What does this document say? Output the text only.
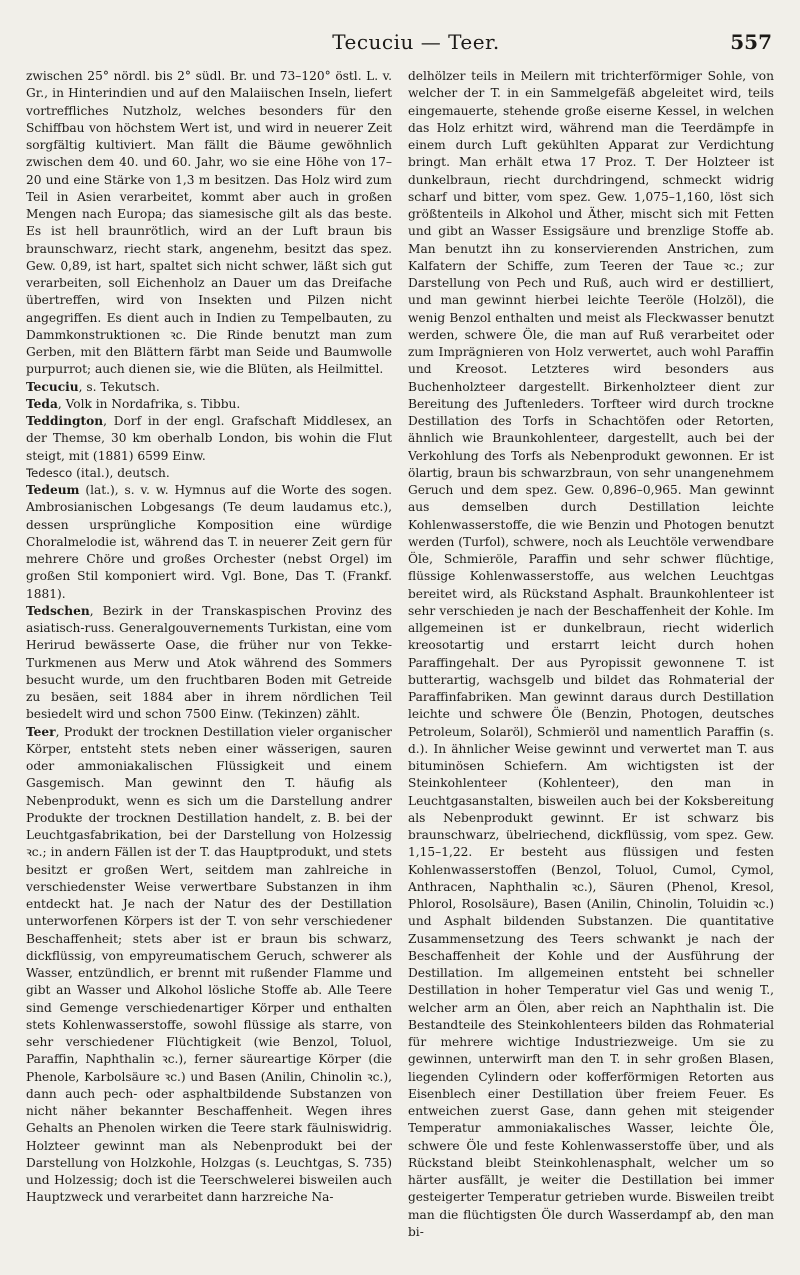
Tecuciu — Teer.	557

zwischen 25° nördl. bis 2° südl. Br. und 73–120° östl. L. v. Gr., in Hinterindien und auf den Malaiischen Inseln, liefert vortreffliches Nutzholz, welches besonders für den Schiffbau von höchstem Wert ist, und wird in neuerer Zeit sorgfältig kultiviert. Man fällt die Bäume gewöhnlich zwischen dem 40. und 60. Jahr, wo sie eine Höhe von 17–20 und eine Stärke von 1,3 m besitzen. Das Holz wird zum Teil in Asien verarbeitet, kommt aber auch in großen Mengen nach Europa; das siamesische gilt als das beste. Es ist hell braunrötlich, wird an der Luft braun bis braunschwarz, riecht stark, angenehm, besitzt das spez. Gew. 0,89, ist hart, spaltet sich nicht schwer, läßt sich gut verarbeiten, soll Eichenholz an Dauer um das Dreifache übertreffen, wird von Insekten und Pilzen nicht angegriffen. Es dient auch in Indien zu Tempelbauten, zu Dammkonstruktionen ꝛc. Die Rinde benutzt man zum Gerben, mit den Blättern färbt man Seide und Baumwolle purpurrot; auch dienen sie, wie die Blüten, als Heilmittel.

Tecuciu, s. Tekutsch.

Teda, Volk in Nordafrika, s. Tibbu.

Teddington, Dorf in der engl. Grafschaft Middlesex, an der Themse, 30 km oberhalb London, bis wohin die Flut steigt, mit (1881) 6599 Einw.

Tedesco (ital.), deutsch.

Tedeum (lat.), s. v. w. Hymnus auf die Worte des sogen. Ambrosianischen Lobgesangs (Te deum laudamus etc.), dessen ursprüngliche Komposition eine würdige Choralmelodie ist, während das T. in neuerer Zeit gern für mehrere Chöre und großes Orchester (nebst Orgel) im großen Stil komponiert wird. Vgl. Bone, Das T. (Frankf. 1881).

Tedschen, Bezirk in der Transkaspischen Provinz des asiatisch-russ. Generalgouvernements Turkistan, eine vom Herirud bewässerte Oase, die früher nur von Tekke-Turkmenen aus Merw und Atok während des Sommers besucht wurde, um den fruchtbaren Boden mit Getreide zu besäen, seit 1884 aber in ihrem nördlichen Teil besiedelt wird und schon 7500 Einw. (Tekinzen) zählt.

Teer, Produkt der trocknen Destillation vieler organischer Körper, entsteht stets neben einer wässerigen, sauren oder ammoniakalischen Flüssigkeit und einem Gasgemisch. Man gewinnt den T. häufig als Nebenprodukt, wenn es sich um die Darstellung andrer Produkte der trocknen Destillation handelt, z. B. bei der Leuchtgasfabrikation, bei der Darstellung von Holzessig ꝛc.; in andern Fällen ist der T. das Hauptprodukt, und stets besitzt er großen Wert, seitdem man zahlreiche in verschiedenster Weise verwertbare Substanzen in ihm entdeckt hat. Je nach der Natur des der Destillation unterworfenen Körpers ist der T. von sehr verschiedener Beschaffenheit; stets aber ist er braun bis schwarz, dickflüssig, von empyreumatischem Geruch, schwerer als Wasser, entzündlich, er brennt mit rußender Flamme und gibt an Wasser und Alkohol lösliche Stoffe ab. Alle Teere sind Gemenge verschiedenartiger Körper und enthalten stets Kohlenwasserstoffe, sowohl flüssige als starre, von sehr verschiedener Flüchtigkeit (wie Benzol, Toluol, Paraffin, Naphthalin ꝛc.), ferner säureartige Körper (die Phenole, Karbolsäure ꝛc.) und Basen (Anilin, Chinolin ꝛc.), dann auch pech- oder asphaltbildende Substanzen von nicht näher bekannter Beschaffenheit. Wegen ihres Gehalts an Phenolen wirken die Teere stark fäulniswidrig. Holzteer gewinnt man als Nebenprodukt bei der Darstellung von Holzkohle, Holzgas (s. Leuchtgas, S. 735) und Holzessig; doch ist die Teerschwelerei bisweilen auch Hauptzweck und verarbeitet dann harzreiche Na-

delhölzer teils in Meilern mit trichterförmiger Sohle, von welcher der T. in ein Sammelgefäß abgeleitet wird, teils eingemauerte, stehende große eiserne Kessel, in welchen das Holz erhitzt wird, während man die Teerdämpfe in einem durch Luft gekühlten Apparat zur Verdichtung bringt. Man erhält etwa 17 Proz. T. Der Holzteer ist dunkelbraun, riecht durchdringend, schmeckt widrig scharf und bitter, vom spez. Gew. 1,075–1,160, löst sich größtenteils in Alkohol und Äther, mischt sich mit Fetten und gibt an Wasser Essigsäure und brenzlige Stoffe ab. Man benutzt ihn zu konservierenden Anstrichen, zum Kalfatern der Schiffe, zum Teeren der Taue ꝛc.; zur Darstellung von Pech und Ruß, auch wird er destilliert, und man gewinnt hierbei leichte Teeröle (Holzöl), die wenig Benzol enthalten und meist als Fleckwasser benutzt werden, schwere Öle, die man auf Ruß verarbeitet oder zum Imprägnieren von Holz verwertet, auch wohl Paraffin und Kreosot. Letzteres wird besonders aus Buchenholzteer dargestellt. Birkenholzteer dient zur Bereitung des Juftenleders. Torfteer wird durch trockne Destillation des Torfs in Schachtöfen oder Retorten, ähnlich wie Braunkohlenteer, dargestellt, auch bei der Verkohlung des Torfs als Nebenprodukt gewonnen. Er ist ölartig, braun bis schwarzbraun, von sehr unangenehmem Geruch und dem spez. Gew. 0,896–0,965. Man gewinnt aus demselben durch Destillation leichte Kohlenwasserstoffe, die wie Benzin und Photogen benutzt werden (Turfol), schwere, noch als Leuchtöle verwendbare Öle, Schmieröle, Paraffin und sehr schwer flüchtige, flüssige Kohlenwasserstoffe, aus welchen Leuchtgas bereitet wird, als Rückstand Asphalt. Braunkohlenteer ist sehr verschieden je nach der Beschaffenheit der Kohle. Im allgemeinen ist er dunkelbraun, riecht widerlich kreosotartig und erstarrt leicht durch hohen Paraffingehalt. Der aus Pyropissit gewonnene T. ist butterartig, wachsgelb und bildet das Rohmaterial der Paraffinfabriken. Man gewinnt daraus durch Destillation leichte und schwere Öle (Benzin, Photogen, deutsches Petroleum, Solaröl), Schmieröl und namentlich Paraffin (s. d.). In ähnlicher Weise gewinnt und verwertet man T. aus bituminösen Schiefern. Am wichtigsten ist der Steinkohlenteer (Kohlenteer), den man in Leuchtgasanstalten, bisweilen auch bei der Koksbereitung als Nebenprodukt gewinnt. Er ist schwarz bis braunschwarz, übelriechend, dickflüssig, vom spez. Gew. 1,15–1,22. Er besteht aus flüssigen und festen Kohlenwasserstoffen (Benzol, Toluol, Cumol, Cymol, Anthracen, Naphthalin ꝛc.), Säuren (Phenol, Kresol, Phlorol, Rosolsäure), Basen (Anilin, Chinolin, Toluidin ꝛc.) und Asphalt bildenden Substanzen. Die quantitative Zusammensetzung des Teers schwankt je nach der Beschaffenheit der Kohle und der Ausführung der Destillation. Im allgemeinen entsteht bei schneller Destillation in hoher Temperatur viel Gas und wenig T., welcher arm an Ölen, aber reich an Naphthalin ist. Die Bestandteile des Steinkohlenteers bilden das Rohmaterial für mehrere wichtige Industriezweige. Um sie zu gewinnen, unterwirft man den T. in sehr großen Blasen, liegenden Cylindern oder kofferförmigen Retorten aus Eisenblech einer Destillation über freiem Feuer. Es entweichen zuerst Gase, dann gehen mit steigender Temperatur ammoniakalisches Wasser, leichte Öle, schwere Öle und feste Kohlenwasserstoffe über, und als Rückstand bleibt Steinkohlenasphalt, welcher um so härter ausfällt, je weiter die Destillation bei immer gesteigerter Temperatur getrieben wurde. Bisweilen treibt man die flüchtigsten Öle durch Wasserdampf ab, den man bi-
